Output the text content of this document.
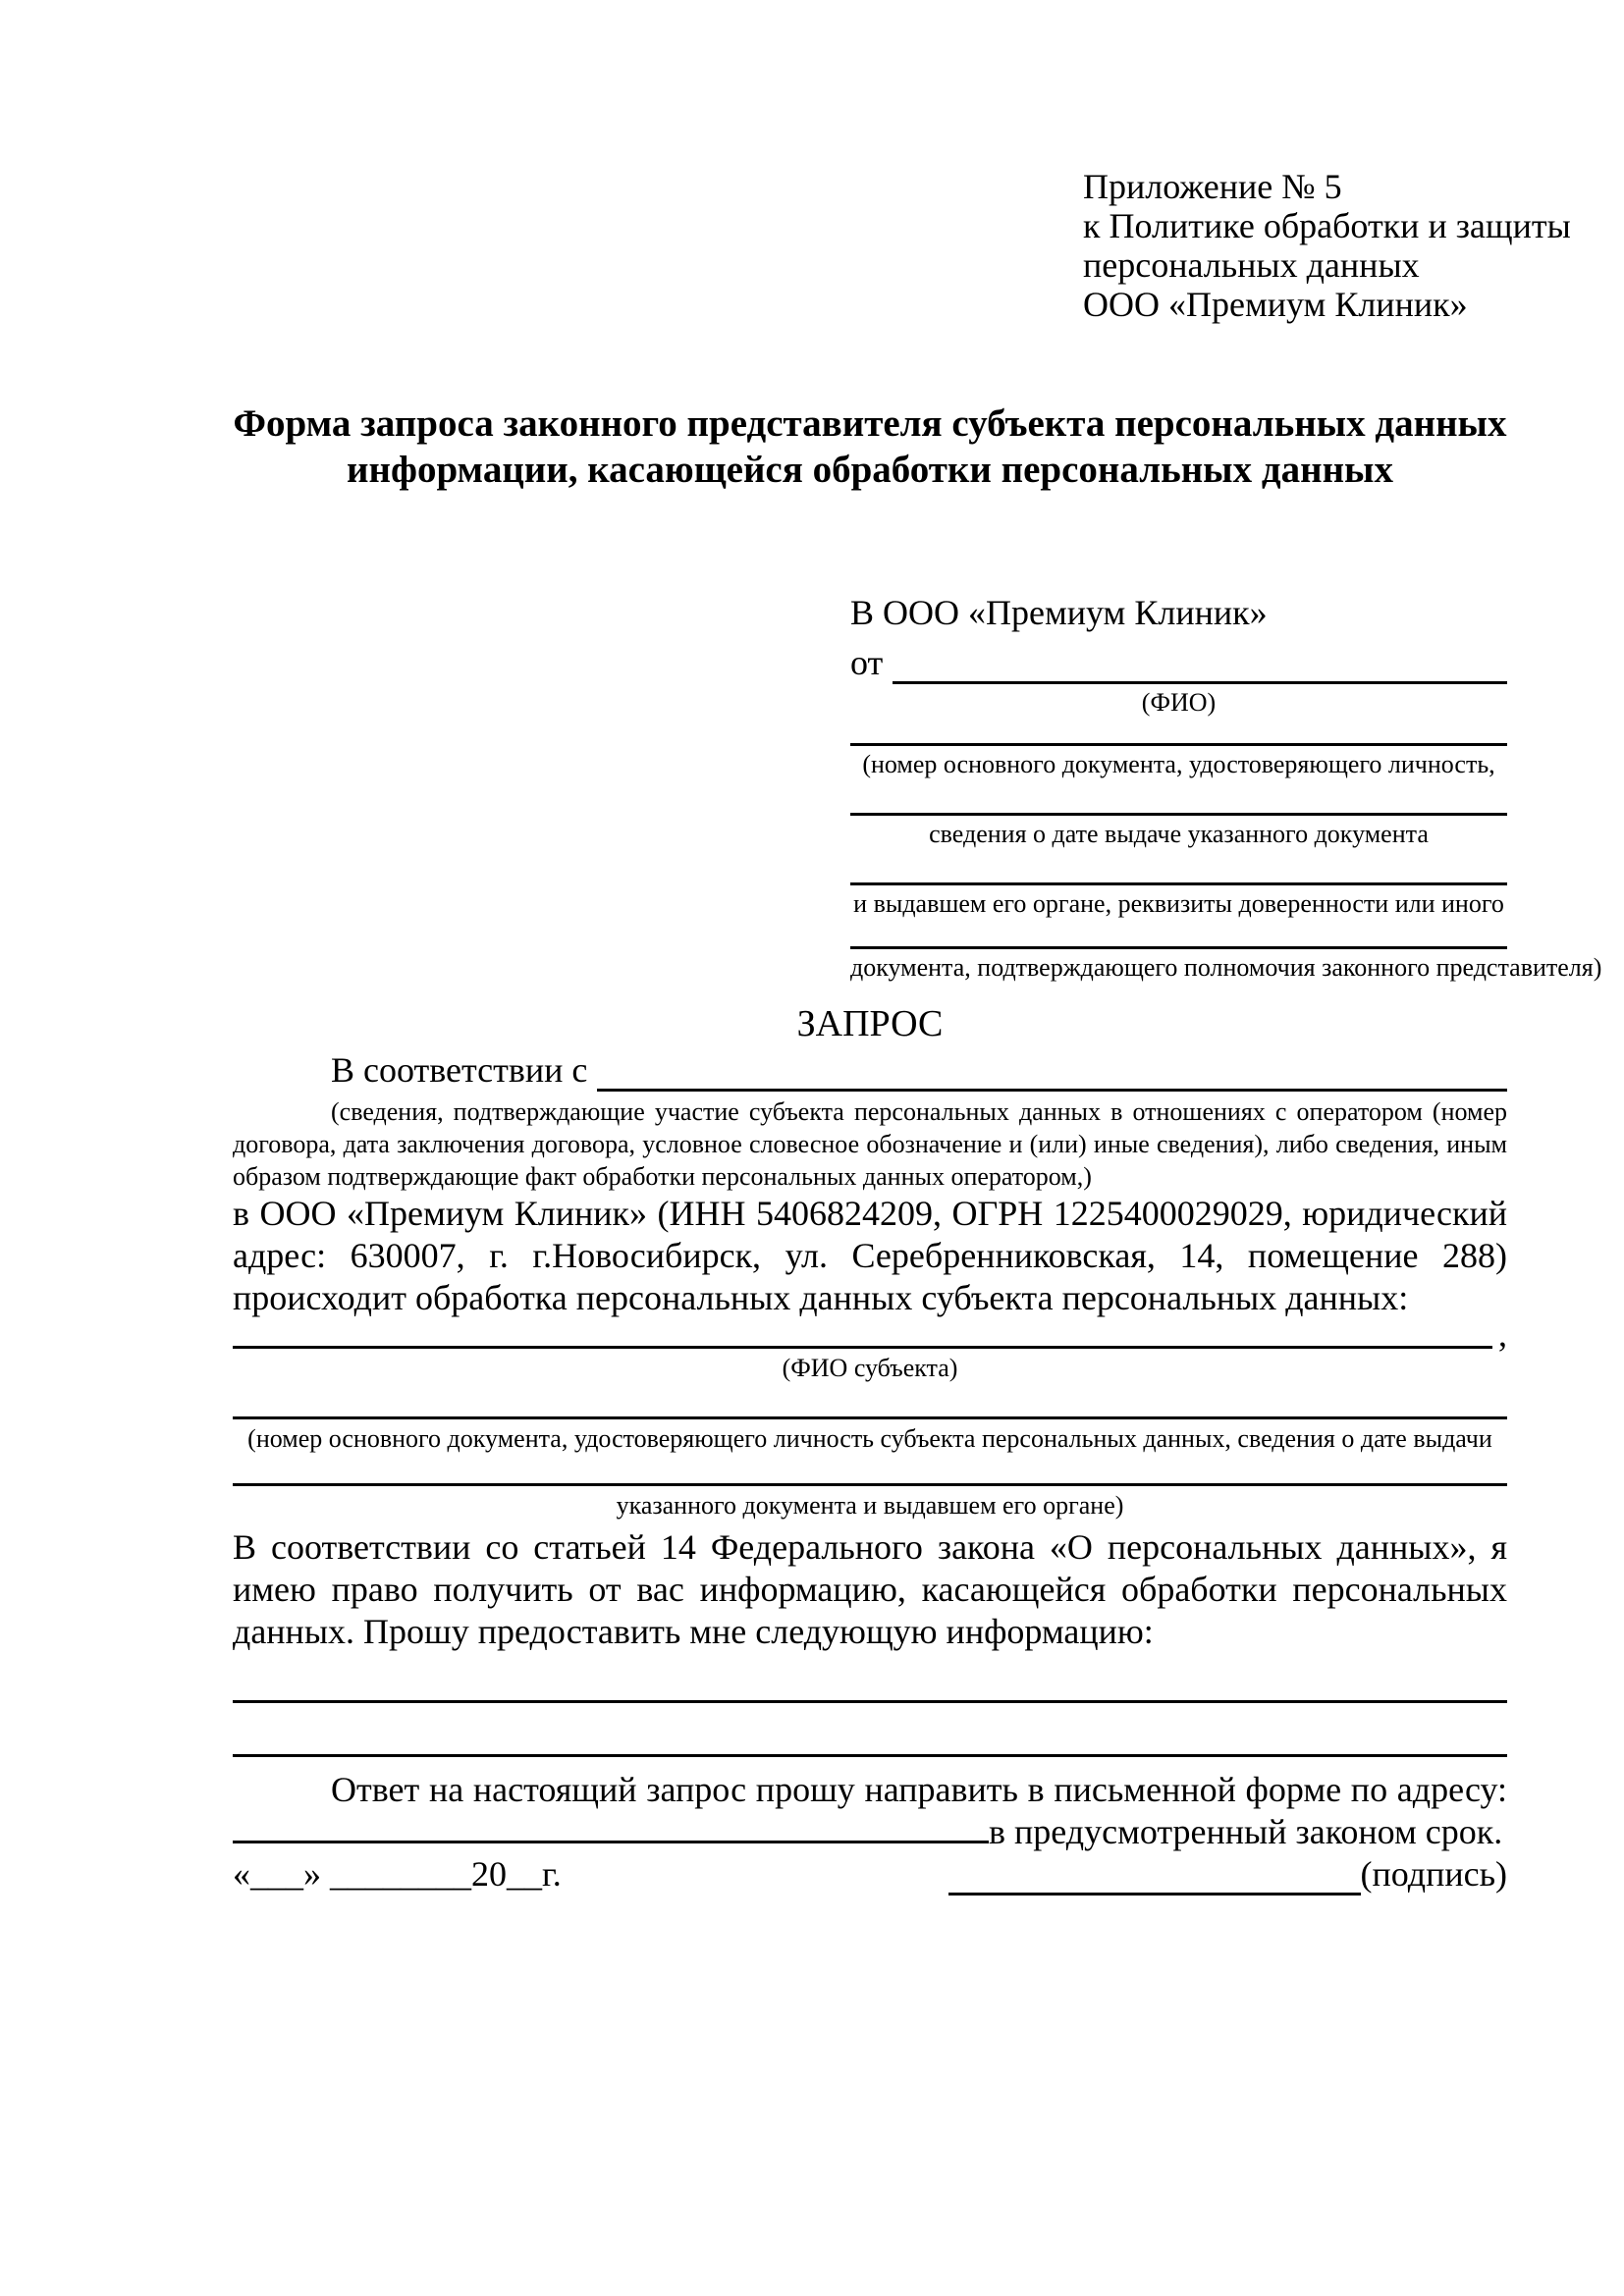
Приложение № 5
к Политике обработки и защиты
персональных данных
ООО «Премиум Клиник»
Форма запроса законного представителя субъекта персональных данных
информации, касающейся обработки персональных данных
В ООО «Премиум Клиник»
от
(ФИО)
(номер основного документа, удостоверяющего личность,
сведения о дате выдаче указанного документа
и выдавшем его органе, реквизиты доверенности или иного
документа, подтверждающего полномочия законного представителя)
ЗАПРОС
В соответствии с
(сведения, подтверждающие участие субъекта персональных данных в отношениях с оператором (номер договора, дата заключения договора, условное словесное обозначение и (или) иные сведения), либо сведения, иным образом подтверждающие факт обработки персональных данных оператором,)
в ООО «Премиум Клиник» (ИНН 5406824209, ОГРН 1225400029029, юридический адрес: 630007, г. г.Новосибирск, ул. Серебренниковская, 14, помещение 288) происходит обработка персональных данных субъекта персональных данных:
,
(ФИО субъекта)
(номер основного документа, удостоверяющего личность субъекта персональных данных, сведения о дате выдачи
указанного документа и выдавшем его органе)
В соответствии со статьей 14 Федерального закона «О персональных данных», я имею право получить от вас информацию, касающейся обработки персональных данных. Прошу предоставить мне следующую информацию:
Ответ на настоящий запрос прошу направить в письменной форме по адресу: в предусмотренный законом срок.
«___» ________20__г.	(подпись)
